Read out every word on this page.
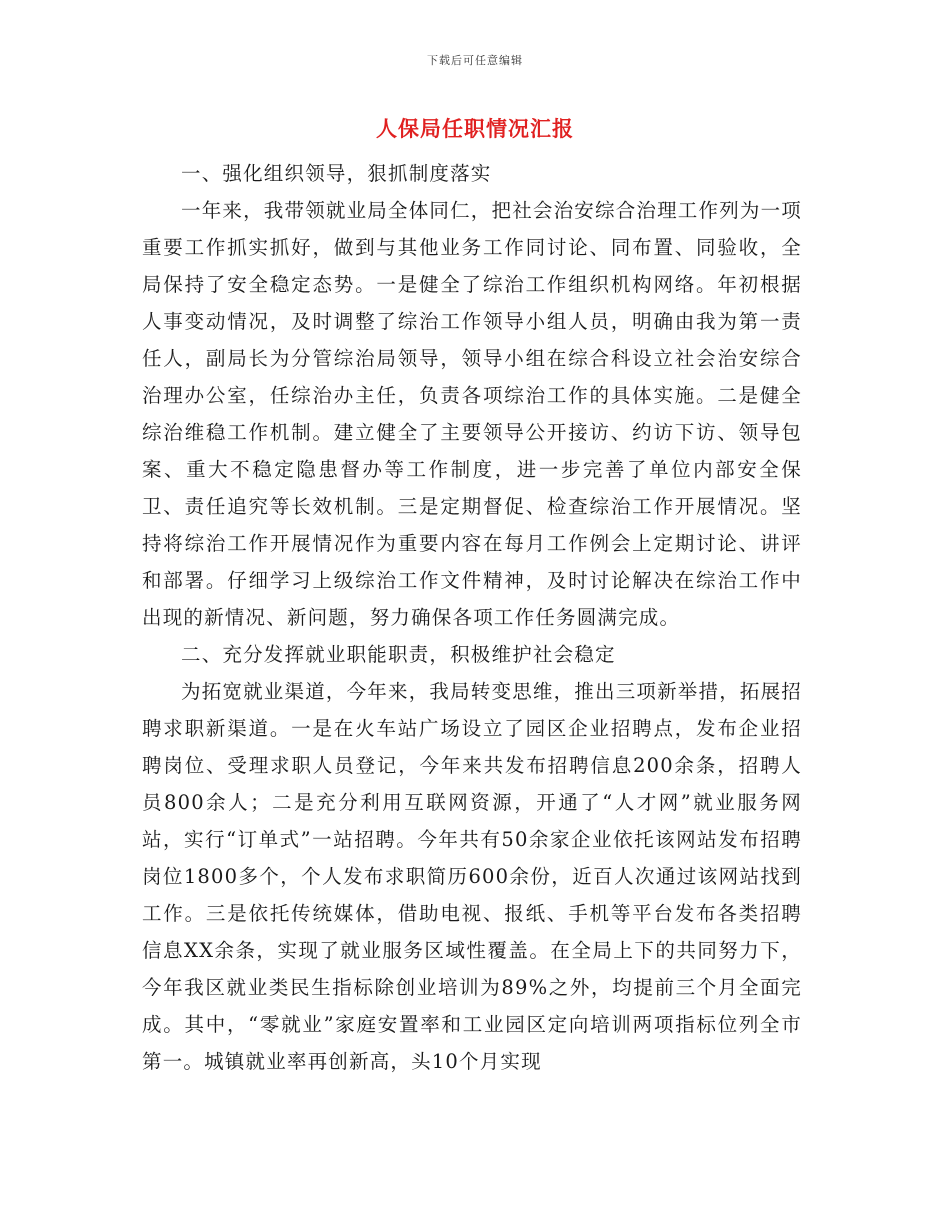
下载后可任意编辑
人保局任职情况汇报

一、强化组织领导，狠抓制度落实

一年来，我带领就业局全体同仁，把社会治安综合治理工作列为一项重要工作抓实抓好，做到与其他业务工作同讨论、同布置、同验收，全局保持了安全稳定态势。一是健全了综治工作组织机构网络。年初根据人事变动情况，及时调整了综治工作领导小组人员，明确由我为第一责任人，副局长为分管综治局领导，领导小组在综合科设立社会治安综合治理办公室，任综治办主任，负责各项综治工作的具体实施。二是健全综治维稳工作机制。建立健全了主要领导公开接访、约访下访、领导包案、重大不稳定隐患督办等工作制度，进一步完善了单位内部安全保卫、责任追究等长效机制。三是定期督促、检查综治工作开展情况。坚持将综治工作开展情况作为重要内容在每月工作例会上定期讨论、讲评和部署。仔细学习上级综治工作文件精神，及时讨论解决在综治工作中出现的新情况、新问题，努力确保各项工作任务圆满完成。

二、充分发挥就业职能职责，积极维护社会稳定

为拓宽就业渠道，今年来，我局转变思维，推出三项新举措，拓展招聘求职新渠道。一是在火车站广场设立了园区企业招聘点，发布企业招聘岗位、受理求职人员登记，今年来共发布招聘信息200余条，招聘人员800余人；二是充分利用互联网资源，开通了“人才网”就业服务网站，实行“订单式”一站招聘。今年共有50余家企业依托该网站发布招聘岗位1800多个，个人发布求职简历600余份，近百人次通过该网站找到工作。三是依托传统媒体，借助电视、报纸、手机等平台发布各类招聘信息XX余条，实现了就业服务区域性覆盖。在全局上下的共同努力下，今年我区就业类民生指标除创业培训为89%之外，均提前三个月全面完成。其中，“零就业”家庭安置率和工业园区定向培训两项指标位列全市第一。城镇就业率再创新高，头10个月实现
